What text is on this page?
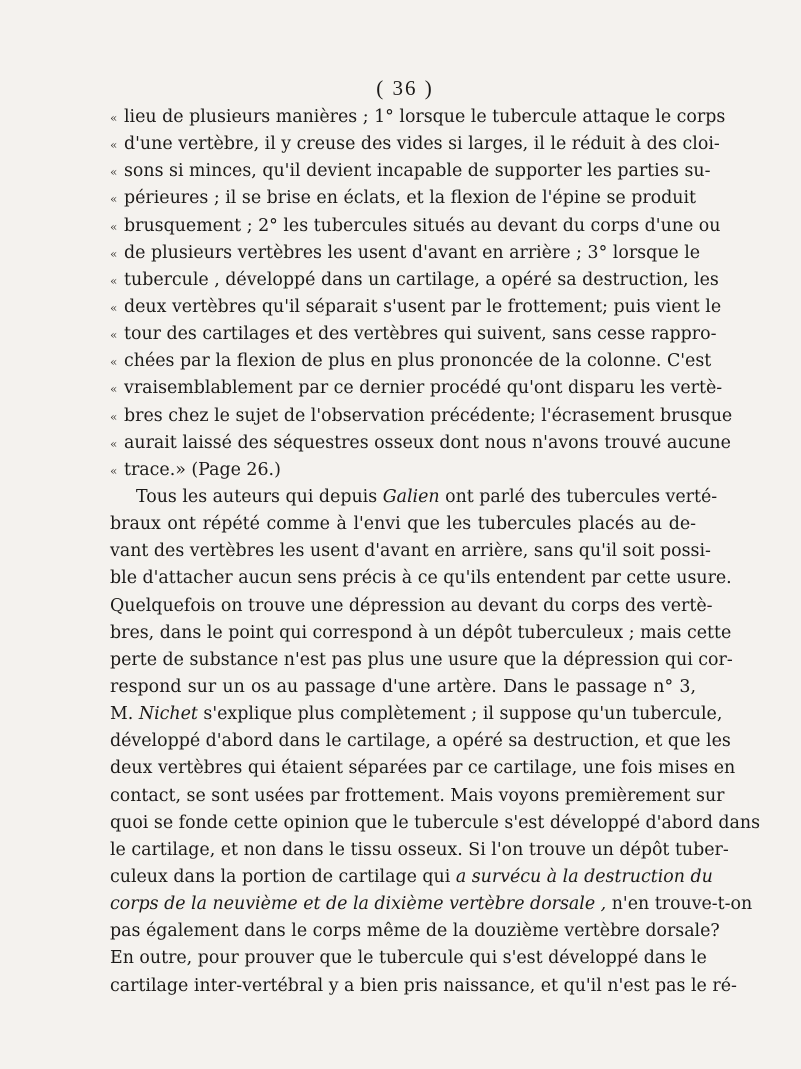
( 36 )
« lieu de plusieurs manières ; 1° lorsque le tubercule attaque le corps
« d'une vertèbre, il y creuse des vides si larges, il le réduit à des cloi-
« sons si minces, qu'il devient incapable de supporter les parties su-
« périeures ; il se brise en éclats, et la flexion de l'épine se produit
« brusquement ; 2° les tubercules situés au devant du corps d'une ou
« de plusieurs vertèbres les usent d'avant en arrière ; 3° lorsque le
« tubercule , développé dans un cartilage, a opéré sa destruction, les
« deux vertèbres qu'il séparait s'usent par le frottement; puis vient le
« tour des cartilages et des vertèbres qui suivent, sans cesse rappro-
« chées par la flexion de plus en plus prononcée de la colonne. C'est
« vraisemblablement par ce dernier procédé qu'ont disparu les vertè-
« bres chez le sujet de l'observation précédente; l'écrasement brusque
« aurait laissé des séquestres osseux dont nous n'avons trouvé aucune
« trace.» (Page 26.)
Tous les auteurs qui depuis Galien ont parlé des tubercules verté-
braux ont répété comme à l'envi que les tubercules placés au de-
vant des vertèbres les usent d'avant en arrière, sans qu'il soit possi-
ble d'attacher aucun sens précis à ce qu'ils entendent par cette usure.
Quelquefois on trouve une dépression au devant du corps des vertè-
bres, dans le point qui correspond à un dépôt tuberculeux ; mais cette
perte de substance n'est pas plus une usure que la dépression qui cor-
respond sur un os au passage d'une artère. Dans le passage n° 3,
M. Nichet s'explique plus complètement ; il suppose qu'un tubercule,
développé d'abord dans le cartilage, a opéré sa destruction, et que les
deux vertèbres qui étaient séparées par ce cartilage, une fois mises en
contact, se sont usées par frottement. Mais voyons premièrement sur
quoi se fonde cette opinion que le tubercule s'est développé d'abord dans
le cartilage, et non dans le tissu osseux. Si l'on trouve un dépôt tuber-
culeux dans la portion de cartilage qui a survécu à la destruction du
corps de la neuvième et de la dixième vertèbre dorsale , n'en trouve-t-on
pas également dans le corps même de la douzième vertèbre dorsale?
En outre, pour prouver que le tubercule qui s'est développé dans le
cartilage inter-vertébral y a bien pris naissance, et qu'il n'est pas le ré-
